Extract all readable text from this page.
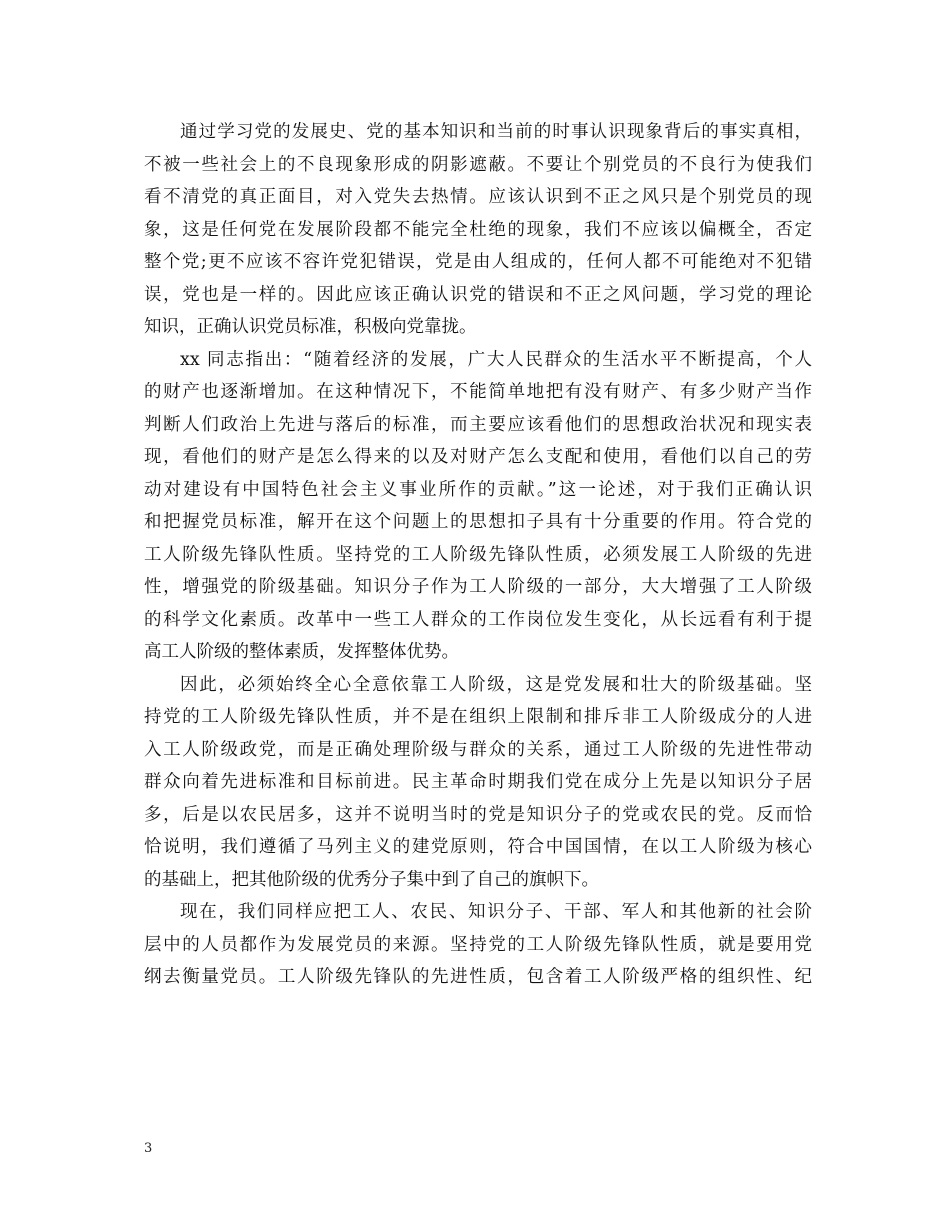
通过学习党的发展史、党的基本知识和当前的时事认识现象背后的事实真相，
不被一些社会上的不良现象形成的阴影遮蔽。不要让个别党员的不良行为使我们
看不清党的真正面目，对入党失去热情。应该认识到不正之风只是个别党员的现
象，这是任何党在发展阶段都不能完全杜绝的现象，我们不应该以偏概全，否定
整个党;更不应该不容许党犯错误，党是由人组成的，任何人都不可能绝对不犯错
误，党也是一样的。因此应该正确认识党的错误和不正之风问题，学习党的理论
知识，正确认识党员标准，积极向党靠拢。
xx 同志指出：“随着经济的发展，广大人民群众的生活水平不断提高，个人
的财产也逐渐增加。在这种情况下，不能简单地把有没有财产、有多少财产当作
判断人们政治上先进与落后的标准，而主要应该看他们的思想政治状况和现实表
现，看他们的财产是怎么得来的以及对财产怎么支配和使用，看他们以自己的劳
动对建设有中国特色社会主义事业所作的贡献。”这一论述，对于我们正确认识
和把握党员标准，解开在这个问题上的思想扣子具有十分重要的作用。符合党的
工人阶级先锋队性质。坚持党的工人阶级先锋队性质，必须发展工人阶级的先进
性，增强党的阶级基础。知识分子作为工人阶级的一部分，大大增强了工人阶级
的科学文化素质。改革中一些工人群众的工作岗位发生变化，从长远看有利于提
高工人阶级的整体素质，发挥整体优势。
因此，必须始终全心全意依靠工人阶级，这是党发展和壮大的阶级基础。坚
持党的工人阶级先锋队性质，并不是在组织上限制和排斥非工人阶级成分的人进
入工人阶级政党，而是正确处理阶级与群众的关系，通过工人阶级的先进性带动
群众向着先进标准和目标前进。民主革命时期我们党在成分上先是以知识分子居
多，后是以农民居多，这并不说明当时的党是知识分子的党或农民的党。反而恰
恰说明，我们遵循了马列主义的建党原则，符合中国国情，在以工人阶级为核心
的基础上，把其他阶级的优秀分子集中到了自己的旗帜下。
现在，我们同样应把工人、农民、知识分子、干部、军人和其他新的社会阶
层中的人员都作为发展党员的来源。坚持党的工人阶级先锋队性质，就是要用党
纲去衡量党员。工人阶级先锋队的先进性质，包含着工人阶级严格的组织性、纪
3
